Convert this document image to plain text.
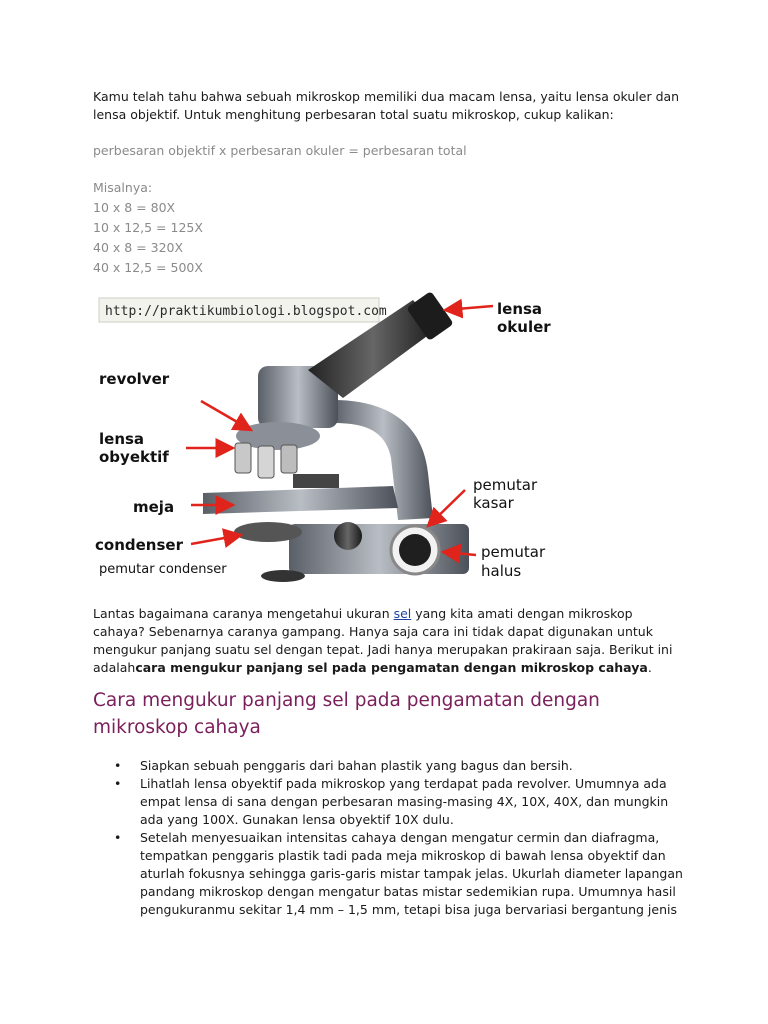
Kamu telah tahu bahwa sebuah mikroskop memiliki dua macam lensa, yaitu lensa okuler dan lensa objektif. Untuk menghitung perbesaran total suatu mikroskop, cukup kalikan:

perbesaran objektif x perbesaran okuler = perbesaran total
Misalnya:
10 x 8 = 80X
10 x 12,5 = 125X
40 x 8 = 320X
40 x 12,5 = 500X
http://praktikumbiologi.blogspot.com
revolver
lensa
obyektif
meja
condenser
lensa
okuler
pemutar
kasar
pemutar
halus
pemutar condenser

Lantas bagaimana caranya mengetahui ukuran sel yang kita amati dengan mikroskop cahaya? Sebenarnya caranya gampang. Hanya saja cara ini tidak dapat digunakan untuk mengukur panjang suatu sel dengan tepat. Jadi hanya merupakan prakiraan saja. Berikut ini adalahcara mengukur panjang sel pada pengamatan dengan mikroskop cahaya.

Cara mengukur panjang sel pada pengamatan dengan mikroskop cahaya
• Siapkan sebuah penggaris dari bahan plastik yang bagus dan bersih.
• Lihatlah lensa obyektif pada mikroskop yang terdapat pada revolver. Umumnya ada empat lensa di sana dengan perbesaran masing-masing 4X, 10X, 40X, dan mungkin ada yang 100X. Gunakan lensa obyektif 10X dulu.
• Setelah menyesuaikan intensitas cahaya dengan mengatur cermin dan diafragma, tempatkan penggaris plastik tadi pada meja mikroskop di bawah lensa obyektif dan aturlah fokusnya sehingga garis-garis mistar tampak jelas. Ukurlah diameter lapangan pandang mikroskop dengan mengatur batas mistar sedemikian rupa. Umumnya hasil pengukuranmu sekitar 1,4 mm – 1,5 mm, tetapi bisa juga bervariasi bergantung jenis
